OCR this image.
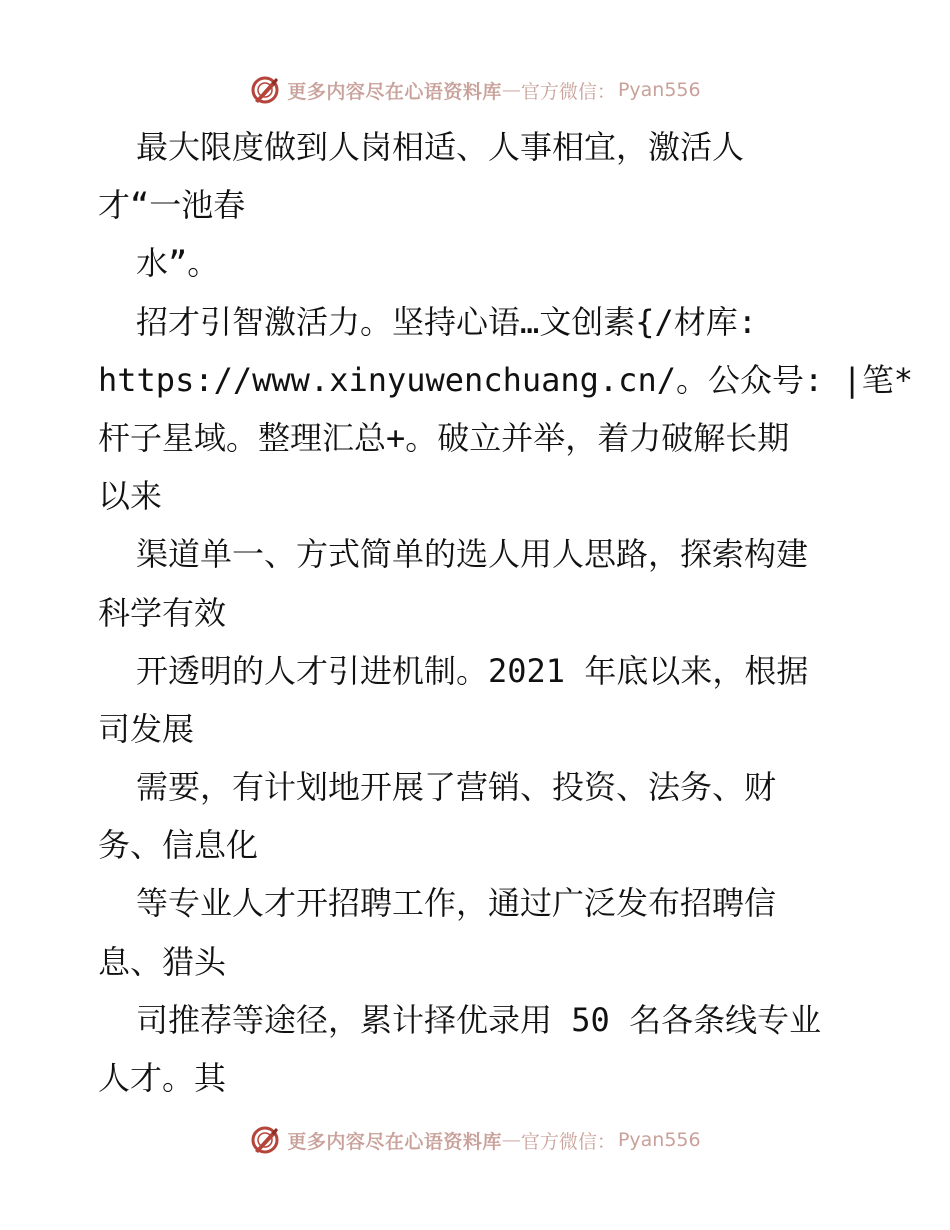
更多内容尽在心语资料库 — 官方微信： Pyan556
最大限度做到人岗相适、人事相宜，激活人
才“一池春
水”。
招才引智激活力。坚持心语…文创素{/材库:
https://www.xinyuwenchuang.cn/。公众号: |笔*
杆子星域。整理汇总+。破立并举，着力破解长期
以来
渠道单一、方式简单的选人用人思路，探索构建
科学有效
开透明的人才引进机制。2021 年底以来，根据
司发展
需要，有计划地开展了营销、投资、法务、财
务、信息化
等专业人才开招聘工作，通过广泛发布招聘信
息、猎头
司推荐等途径，累计择优录用 50 名各条线专业
人才。其
更多内容尽在心语资料库 — 官方微信： Pyan556
